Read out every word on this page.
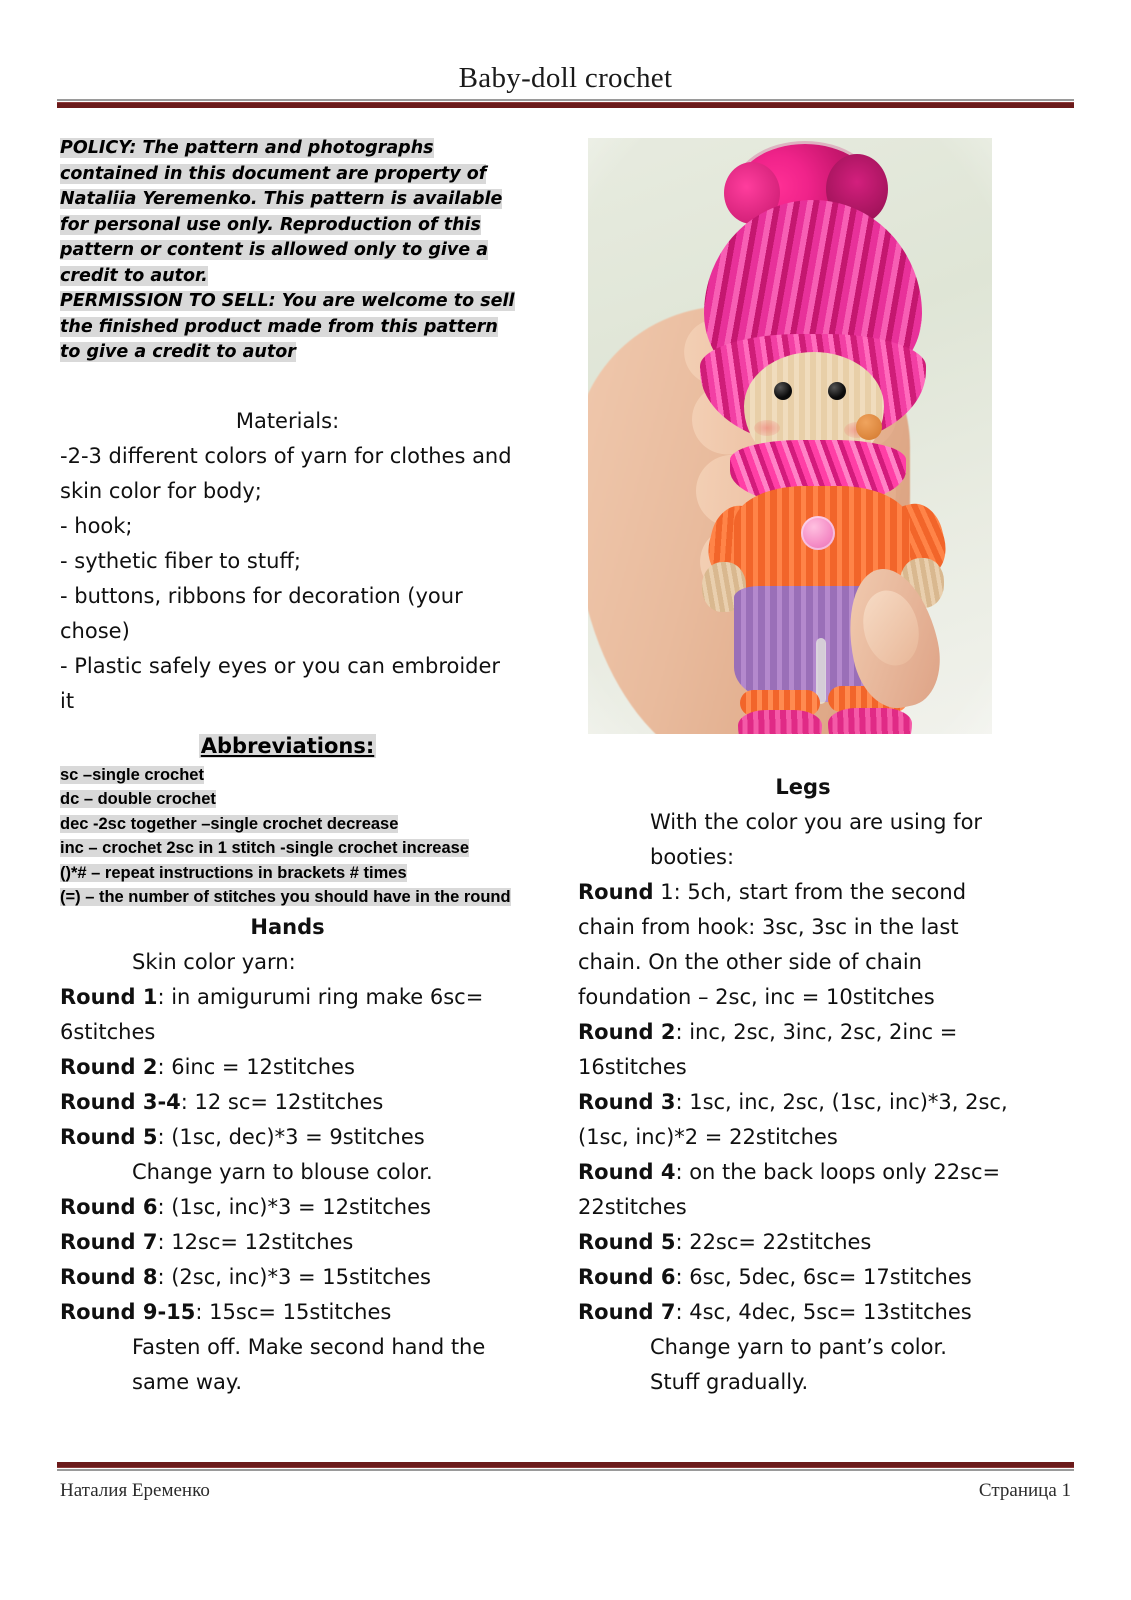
Baby-doll crochet

POLICY: The pattern and photographs contained in this document are property of Nataliia Yeremenko. This pattern is available for personal use only. Reproduction of this pattern or content is allowed only to give a credit to autor.

PERMISSION TO SELL: You are welcome to sell the finished product made from this pattern to give a credit to autor

Materials:
-2-3 different colors of yarn for clothes and skin color for body;
- hook;
- sythetic fiber to stuff;
- buttons, ribbons for decoration (your chose)
- Plastic safely eyes or you can embroider it
Abbreviations:
sc –single crochet
dc – double crochet
dec -2sc together –single crochet decrease
inc – crochet 2sc in 1 stitch -single crochet increase
()*# – repeat instructions in brackets # times
(=) – the number of stitches you should have in the round
Hands
Skin color yarn:
Round 1: in amigurumi ring make 6sc= 6stitches
Round 2: 6inc = 12stitches
Round 3-4: 12 sc= 12stitches
Round 5: (1sc, dec)*3 = 9stitches
Change yarn to blouse color.
Round 6: (1sc, inc)*3 = 12stitches
Round 7: 12sc= 12stitches
Round 8: (2sc, inc)*3 = 15stitches
Round 9-15: 15sc= 15stitches
Fasten off. Make second hand the same way.
Legs
With the color you are using for booties:
Round 1: 5ch, start from the second chain from hook: 3sc, 3sc in the last chain. On the other side of chain foundation – 2sc, inc = 10stitches
Round 2: inc, 2sc, 3inc, 2sc, 2inc = 16stitches
Round 3: 1sc, inc, 2sc, (1sc, inc)*3, 2sc, (1sc, inc)*2 = 22stitches
Round 4: on the back loops only 22sc= 22stitches
Round 5: 22sc= 22stitches
Round 6: 6sc, 5dec, 6sc= 17stitches
Round 7: 4sc, 4dec, 5sc= 13stitches
Change yarn to pant’s color.
Stuff gradually.
Наталия Еременко	Страница 1
